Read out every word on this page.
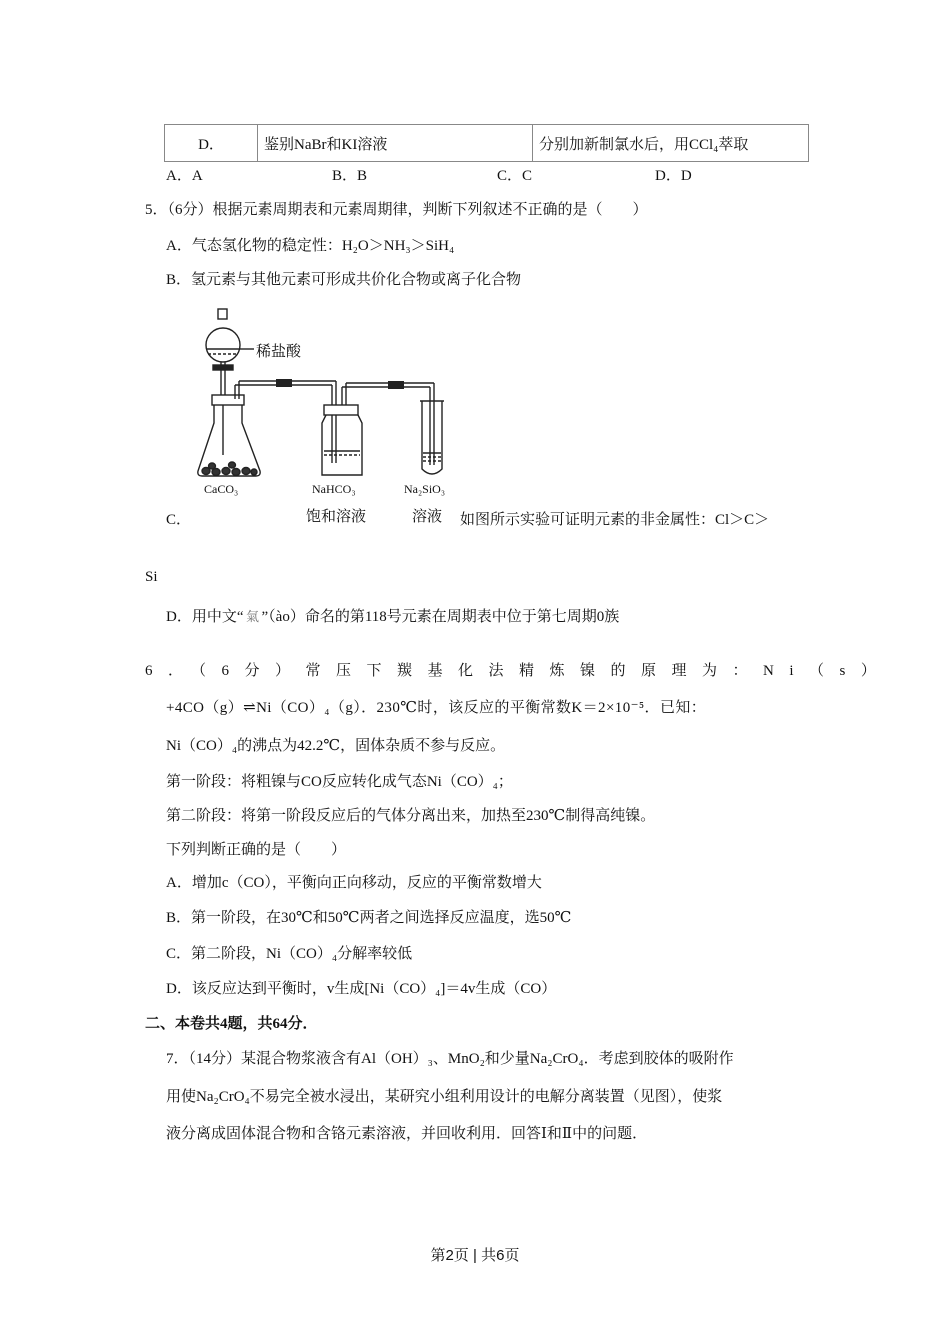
D．	鉴别NaBr和KI溶液	分别加新制氯水后，用CCl₄萃取
A．A	B．B	C．C	D．D
5．（6分）根据元素周期表和元素周期律，判断下列叙述不正确的是（　　）
A．气态氢化物的稳定性：H₂O＞NH₃＞SiH₄
B．氢元素与其他元素可形成共价化合物或离子化合物
稀盐酸
CaCO₃	NaHCO₃
饱和溶液
Na₂SiO₃
溶液
C．	如图所示实验可证明元素的非金属性：Cl＞C＞
Si
D．用中文“ 氣 ”（ào）命名的第118号元素在周期表中位于第七周期0族
6．（6分）常压下羰基化法精炼镍的原理为：Ni（s）
+4CO（g）⇌Ni（CO）₄（g）．230℃时，该反应的平衡常数K＝2×10⁻⁵．已知：
Ni（CO）₄的沸点为42.2℃，固体杂质不参与反应。
第一阶段：将粗镍与CO反应转化成气态Ni（CO）₄；
第二阶段：将第一阶段反应后的气体分离出来，加热至230℃制得高纯镍。
下列判断正确的是（　　）
A．增加c（CO），平衡向正向移动，反应的平衡常数增大
B．第一阶段，在30℃和50℃两者之间选择反应温度，选50℃
C．第二阶段，Ni（CO）₄分解率较低
D．该反应达到平衡时，v生成[Ni（CO）₄]＝4v生成（CO）
二、本卷共4题，共64分．
7．（14分）某混合物浆液含有Al（OH）₃、MnO₂和少量Na₂CrO₄．考虑到胶体的吸附作
用使Na₂CrO₄不易完全被水浸出，某研究小组利用设计的电解分离装置（见图），使浆
液分离成固体混合物和含铬元素溶液，并回收利用．回答Ⅰ和Ⅱ中的问题．
第2页 | 共6页
